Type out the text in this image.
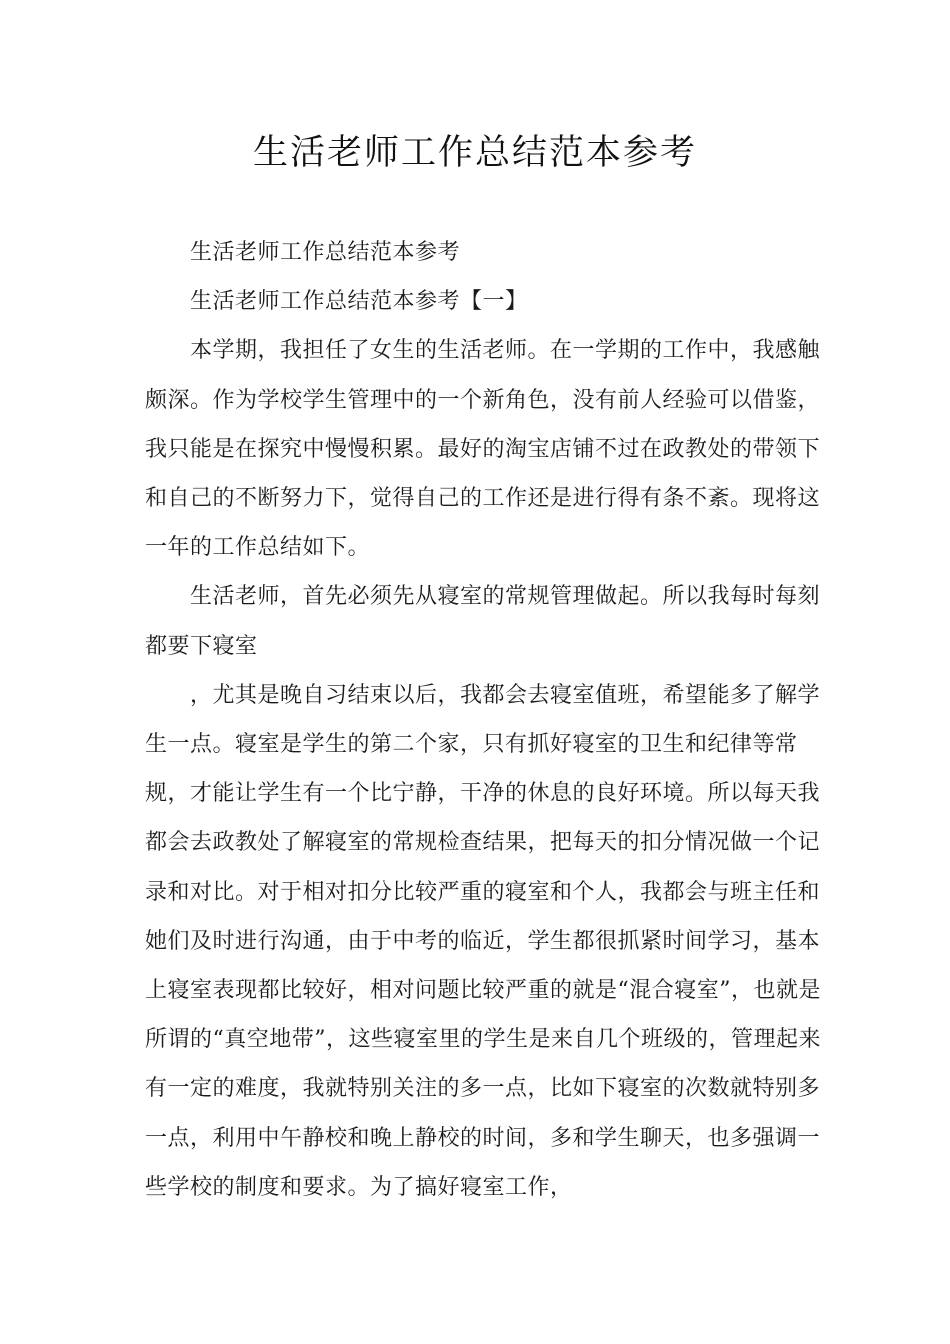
生活老师工作总结范本参考

生活老师工作总结范本参考

生活老师工作总结范本参考【一】

本学期，我担任了女生的生活老师。在一学期的工作中，我感触颇深。作为学校学生管理中的一个新角色，没有前人经验可以借鉴，我只能是在探究中慢慢积累。最好的淘宝店铺不过在政教处的带领下和自己的不断努力下，觉得自己的工作还是进行得有条不紊。现将这一年的工作总结如下。

生活老师，首先必须先从寝室的常规管理做起。所以我每时每刻都要下寝室

，尤其是晚自习结束以后，我都会去寝室值班，希望能多了解学生一点。寝室是学生的第二个家，只有抓好寝室的卫生和纪律等常规，才能让学生有一个比宁静，干净的休息的良好环境。所以每天我都会去政教处了解寝室的常规检查结果，把每天的扣分情况做一个记录和对比。对于相对扣分比较严重的寝室和个人，我都会与班主任和她们及时进行沟通，由于中考的临近，学生都很抓紧时间学习，基本上寝室表现都比较好，相对问题比较严重的就是“混合寝室”，也就是所谓的“真空地带”，这些寝室里的学生是来自几个班级的，管理起来有一定的难度，我就特别关注的多一点，比如下寝室的次数就特别多一点，利用中午静校和晚上静校的时间，多和学生聊天，也多强调一些学校的制度和要求。为了搞好寝室工作，
